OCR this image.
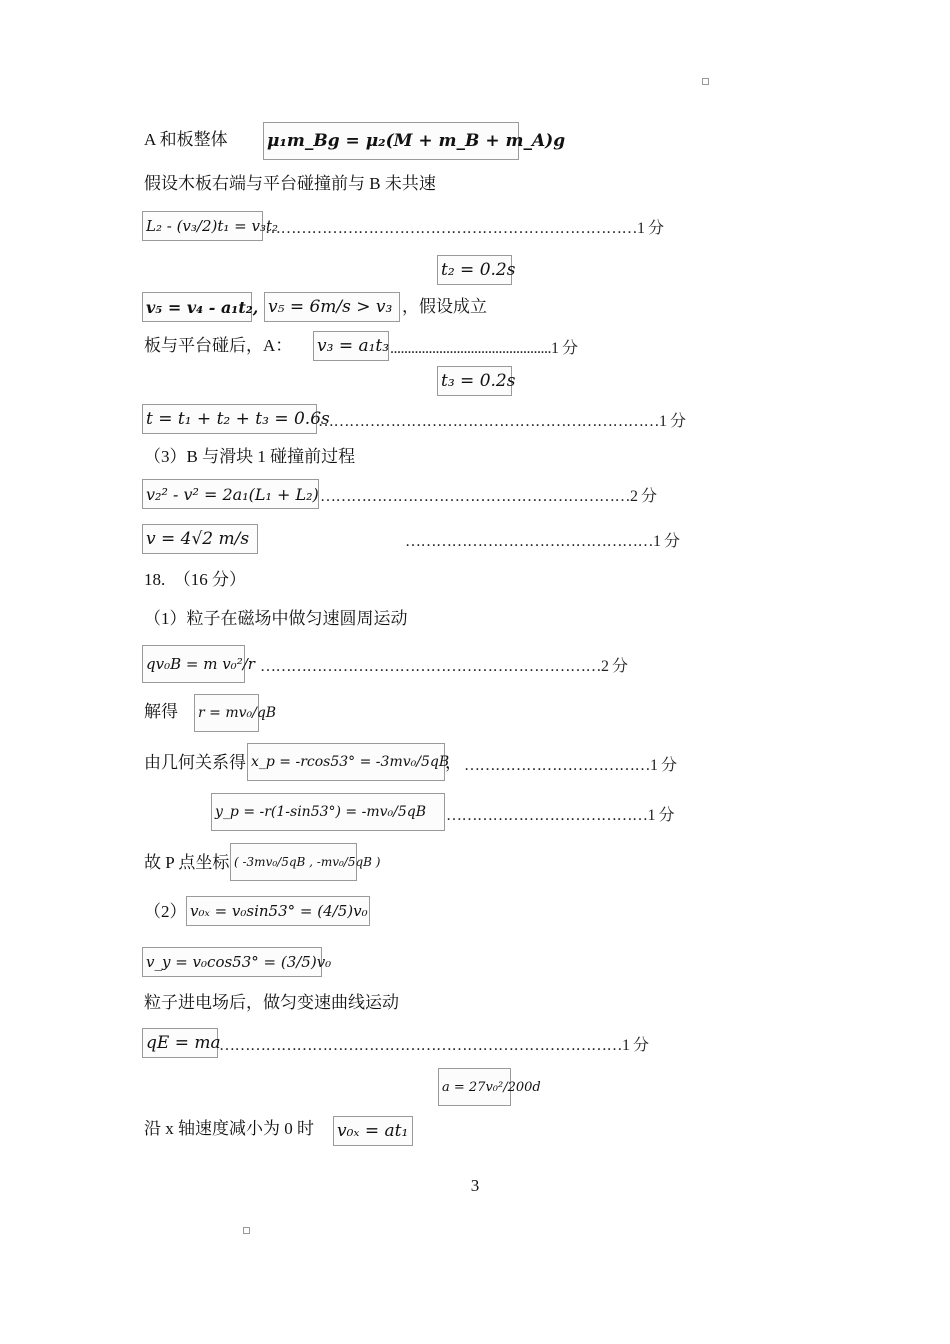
A 和板整体 μ₁m_Bg = μ₂(M + m_B + m_A)g
假设木板右端与平台碰撞前与 B 未共速
L₂ - (v₃/2)t₁ = v₃t₂
………………………………………………………………1 分
t₂ = 0.2s
v₅ = v₄ - a₁t₂, v₅ = 6m/s > v₃ ，假设成立
板与平台碰后，A： v₃ = a₁t₃ ..............................................1 分
t₃ = 0.2s
t = t₁ + t₂ + t₃ = 0.6s
…………………………………………………………1 分
（3）B 与滑块 1 碰撞前过程
v₂² - v² = 2a₁(L₁ + L₂) ……………………………………………………2 分
v = 4√2 m/s	…………………………………………1 分
18.　（16 分）
（1）粒子在磁场中做匀速圆周运动
qv₀B = m v₀²/r …………………………………………………………2 分
解得 r = mv₀/qB
由几何关系得 x_p = -rcos53° = -3mv₀/5qB
， ………………………………1 分
y_p = -r(1-sin53°) = -mv₀/5qB	…………………………………1 分
故 P 点坐标 ( -3mv₀/5qB , -mv₀/5qB )
（2） v₀ₓ = v₀sin53° = (4/5)v₀
v_y = v₀cos53° = (3/5)v₀
粒子进电场后，做匀变速曲线运动
qE = ma
……………………………………………………………………1 分
a = 27v₀²/200d
沿 x 轴速度减小为 0 时 v₀ₓ = at₁
3
